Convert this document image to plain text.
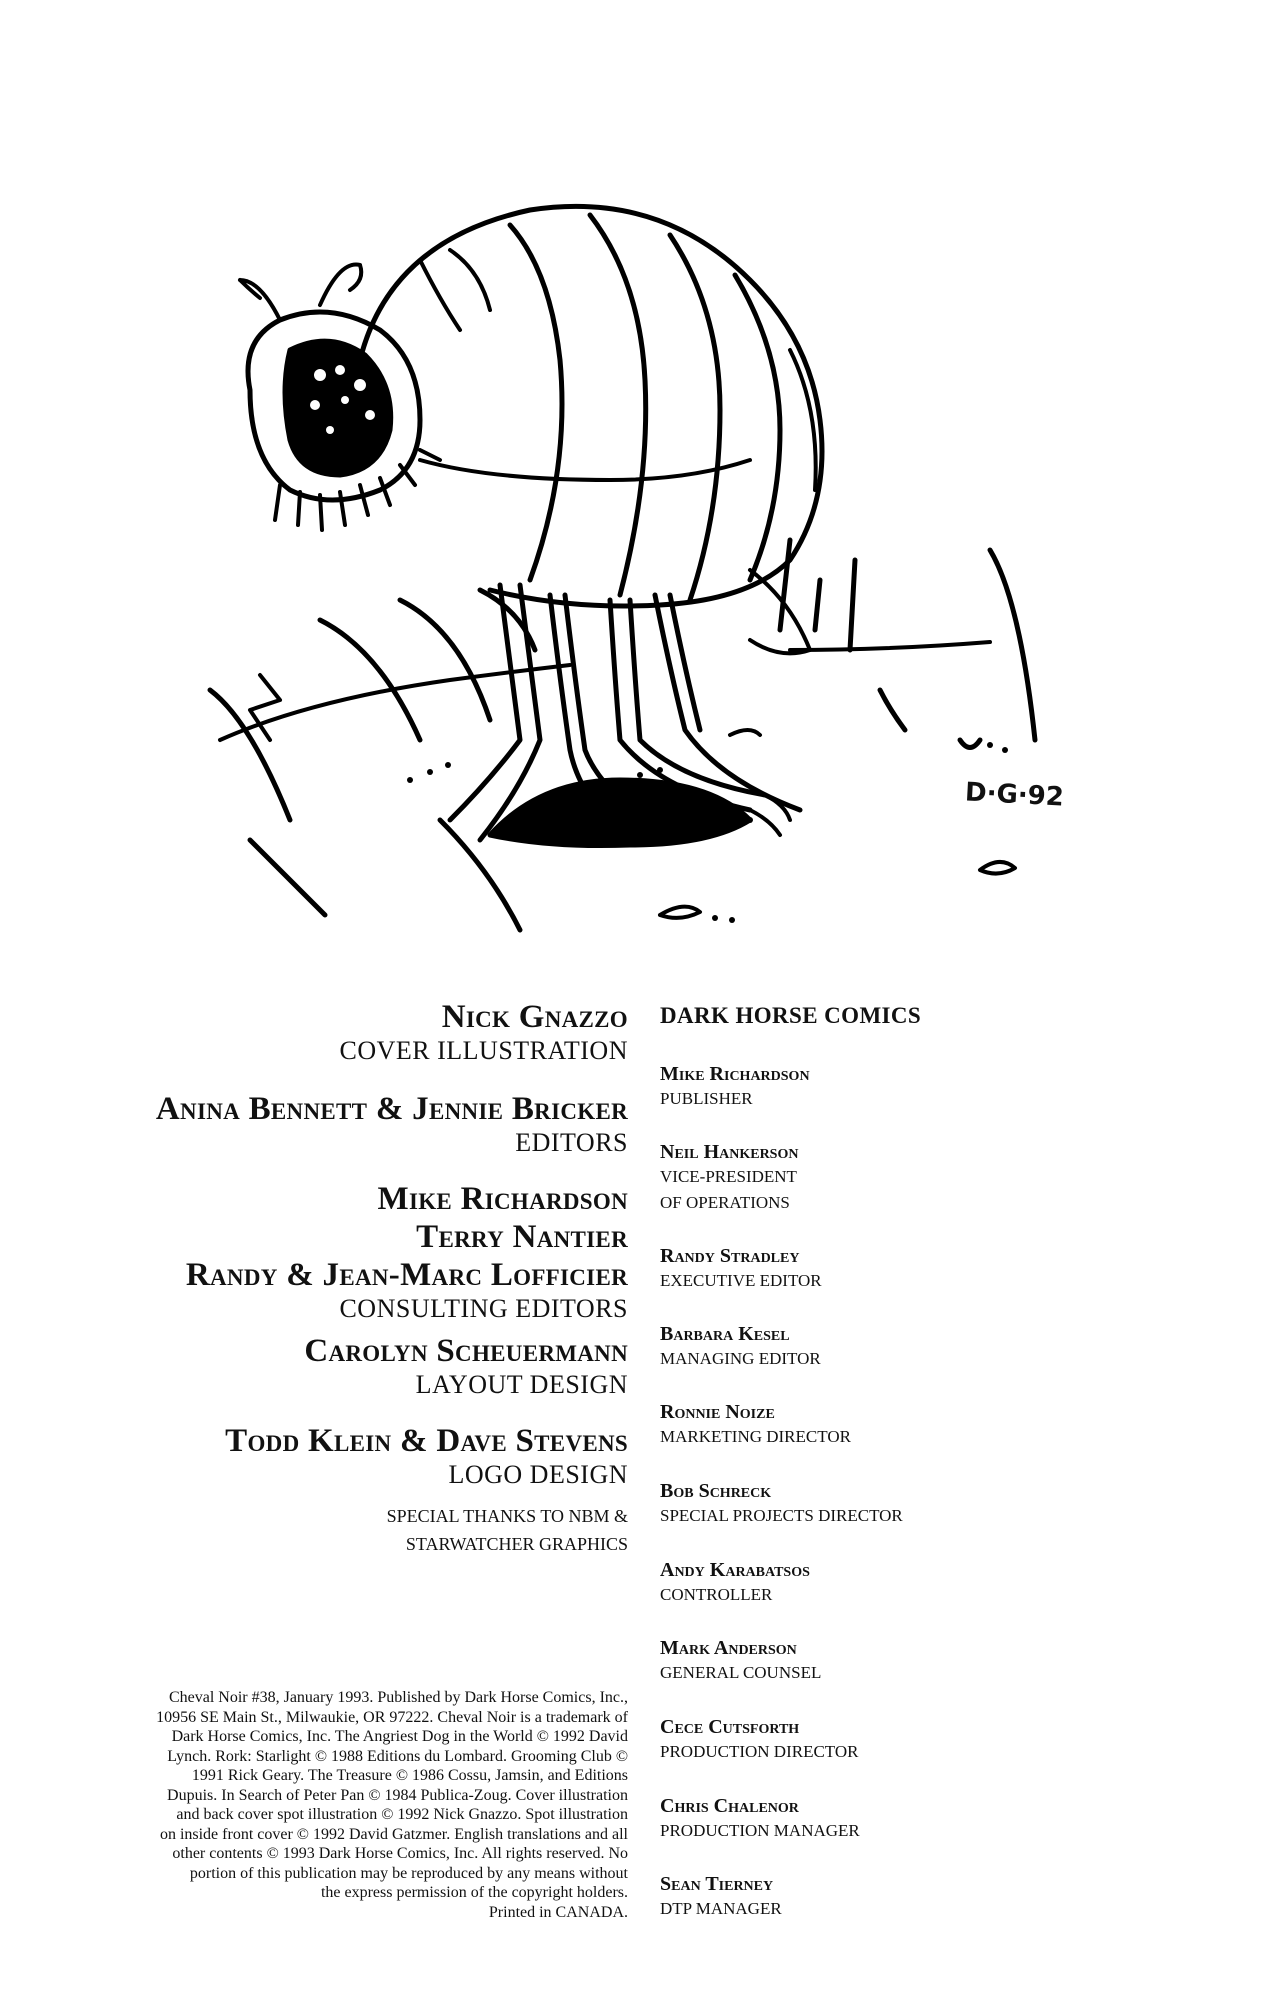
D·G·92
Nick Gnazzo
COVER ILLUSTRATION
Anina Bennett & Jennie Bricker
EDITORS
Mike Richardson
Terry Nantier
Randy & Jean-Marc Lofficier
CONSULTING EDITORS
Carolyn Scheuermann
LAYOUT DESIGN
Todd Klein & Dave Stevens
LOGO DESIGN
SPECIAL THANKS TO NBM &
STARWATCHER GRAPHICS
Cheval Noir #38, January 1993. Published by Dark Horse Comics, Inc.,
10956 SE Main St., Milwaukie, OR 97222. Cheval Noir is a trademark of
Dark Horse Comics, Inc. The Angriest Dog in the World © 1992 David
Lynch. Rork: Starlight © 1988 Editions du Lombard. Grooming Club ©
1991 Rick Geary. The Treasure © 1986 Cossu, Jamsin, and Editions
Dupuis. In Search of Peter Pan © 1984 Publica-Zoug. Cover illustration
and back cover spot illustration © 1992 Nick Gnazzo. Spot illustration
on inside front cover © 1992 David Gatzmer. English translations and all
other contents © 1993 Dark Horse Comics, Inc. All rights reserved. No
portion of this publication may be reproduced by any means without
the express permission of the copyright holders.
Printed in CANADA.
DARK HORSE COMICS
Mike Richardson
PUBLISHER
Neil Hankerson
VICE-PRESIDENT
OF OPERATIONS
Randy Stradley
EXECUTIVE EDITOR
Barbara Kesel
MANAGING EDITOR
Ronnie Noize
MARKETING DIRECTOR
Bob Schreck
SPECIAL PROJECTS DIRECTOR
Andy Karabatsos
CONTROLLER
Mark Anderson
GENERAL COUNSEL
Cece Cutsforth
PRODUCTION DIRECTOR
Chris Chalenor
PRODUCTION MANAGER
Sean Tierney
DTP MANAGER
